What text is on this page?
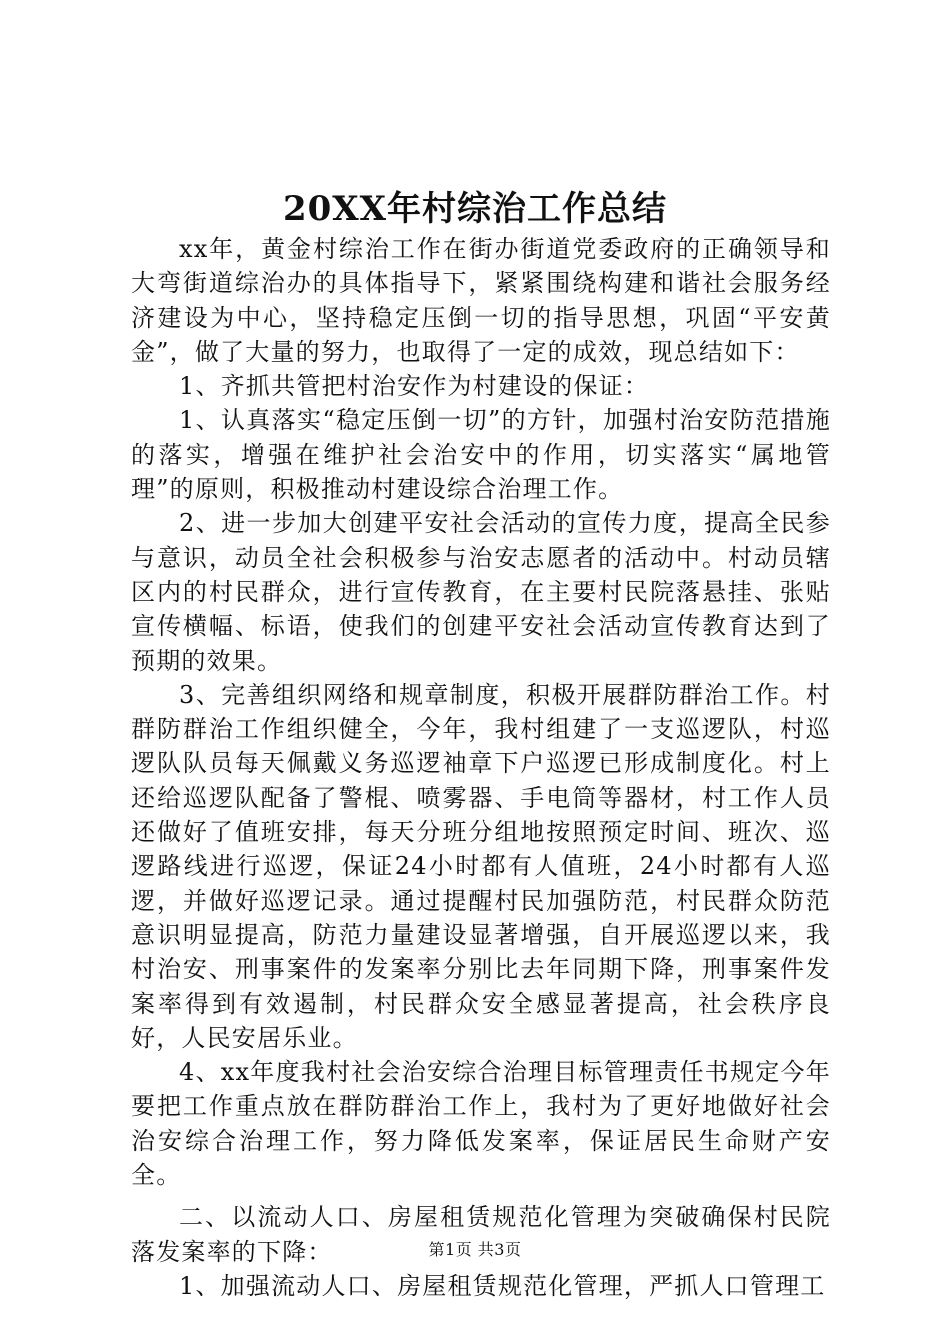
20XX年村综治工作总结

xx年，黄金村综治工作在街办街道党委政府的正确领导和大弯街道综治办的具体指导下，紧紧围绕构建和谐社会服务经济建设为中心，坚持稳定压倒一切的指导思想，巩固“平安黄金”，做了大量的努力，也取得了一定的成效，现总结如下：

1、齐抓共管把村治安作为村建设的保证：

1、认真落实“稳定压倒一切”的方针，加强村治安防范措施的落实，增强在维护社会治安中的作用，切实落实“属地管理”的原则，积极推动村建设综合治理工作。

2、进一步加大创建平安社会活动的宣传力度，提高全民参与意识，动员全社会积极参与治安志愿者的活动中。村动员辖区内的村民群众，进行宣传教育，在主要村民院落悬挂、张贴宣传横幅、标语，使我们的创建平安社会活动宣传教育达到了预期的效果。

3、完善组织网络和规章制度，积极开展群防群治工作。村群防群治工作组织健全，今年，我村组建了一支巡逻队，村巡逻队队员每天佩戴义务巡逻袖章下户巡逻已形成制度化。村上还给巡逻队配备了警棍、喷雾器、手电筒等器材，村工作人员还做好了值班安排，每天分班分组地按照预定时间、班次、巡逻路线进行巡逻，保证24小时都有人值班，24小时都有人巡逻，并做好巡逻记录。通过提醒村民加强防范，村民群众防范意识明显提高，防范力量建设显著增强，自开展巡逻以来，我村治安、刑事案件的发案率分别比去年同期下降，刑事案件发案率得到有效遏制，村民群众安全感显著提高，社会秩序良好，人民安居乐业。

4、xx年度我村社会治安综合治理目标管理责任书规定今年要把工作重点放在群防群治工作上，我村为了更好地做好社会治安综合治理工作，努力降低发案率，保证居民生命财产安全。

二、以流动人口、房屋租赁规范化管理为突破确保村民院落发案率的下降：

1、加强流动人口、房屋租赁规范化管理，严抓人口管理工

第1页 共3页
